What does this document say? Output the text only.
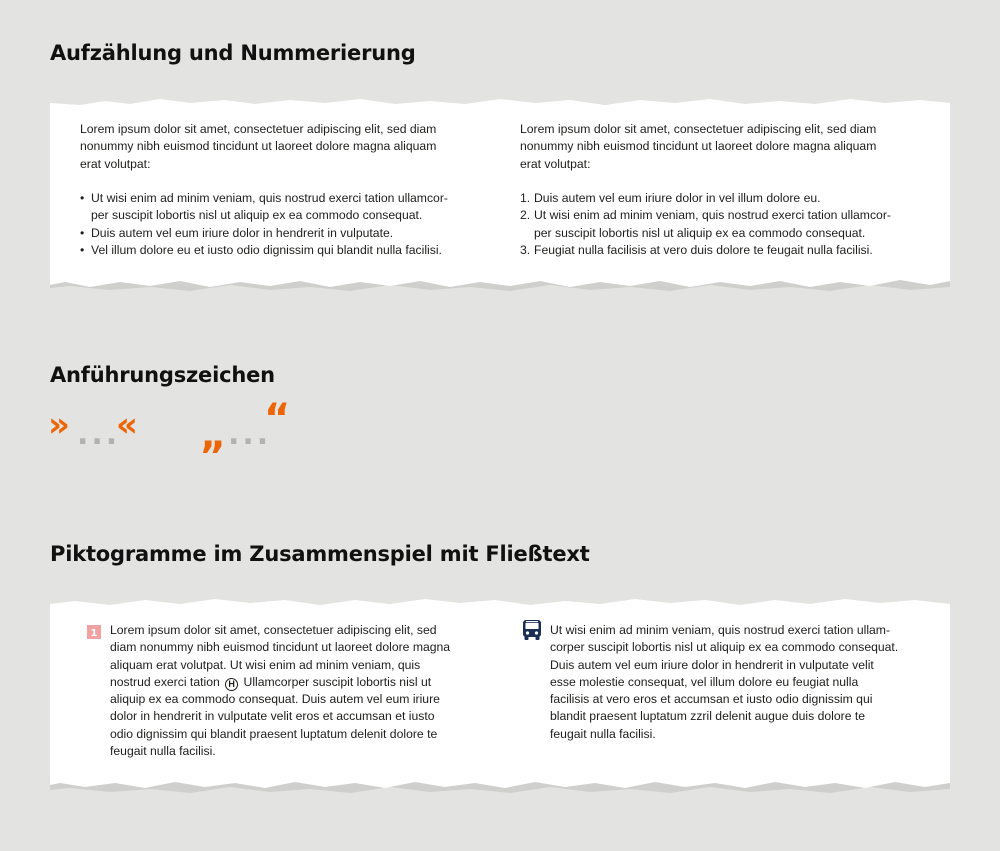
Aufzählung und Nummerierung

Lorem ipsum dolor sit amet, consectetuer adipiscing elit, sed diam nonummy nibh euismod tincidunt ut laoreet dolore magna aliquam erat volutpat:

• Ut wisi enim ad minim veniam, quis nostrud exerci tation ullamcorper suscipit lobortis nisl ut aliquip ex ea commodo consequat.
• Duis autem vel eum iriure dolor in hendrerit in vulputate.
• Vel illum dolore eu et iusto odio dignissim qui blandit nulla facilisi.

Lorem ipsum dolor sit amet, consectetuer adipiscing elit, sed diam nonummy nibh euismod tincidunt ut laoreet dolore magna aliquam erat volutpat:

1. Duis autem vel eum iriure dolor in vel illum dolore eu.
2. Ut wisi enim ad minim veniam, quis nostrud exerci tation ullamcorper suscipit lobortis nisl ut aliquip ex ea commodo consequat.
3. Feugiat nulla facilisis at vero duis dolore te feugait nulla facilisi.
Anführungszeichen
» ...
« „ ...
“
Piktogramme im Zusammenspiel mit Fließtext
1 Lorem ipsum dolor sit amet, consectetuer adipiscing elit, sed diam nonummy nibh euismod tincidunt ut laoreet dolore magna aliquam erat volutpat. Ut wisi enim ad minim veniam, quis nostrud exerci tation H Ullamcorper suscipit lobortis nisl ut aliquip ex ea commodo consequat. Duis autem vel eum iriure dolor in hendrerit in vulputate velit eros et accumsan et iusto odio dignissim qui blandit praesent luptatum delenit dolore te feugait nulla facilisi.

Ut wisi enim ad minim veniam, quis nostrud exerci tation ullamcorper suscipit lobortis nisl ut aliquip ex ea commodo consequat. Duis autem vel eum iriure dolor in hendrerit in vulputate velit esse molestie consequat, vel illum dolore eu feugiat nulla facilisis at vero eros et accumsan et iusto odio dignissim qui blandit praesent luptatum zzril delenit augue duis dolore te feugait nulla facilisi.
